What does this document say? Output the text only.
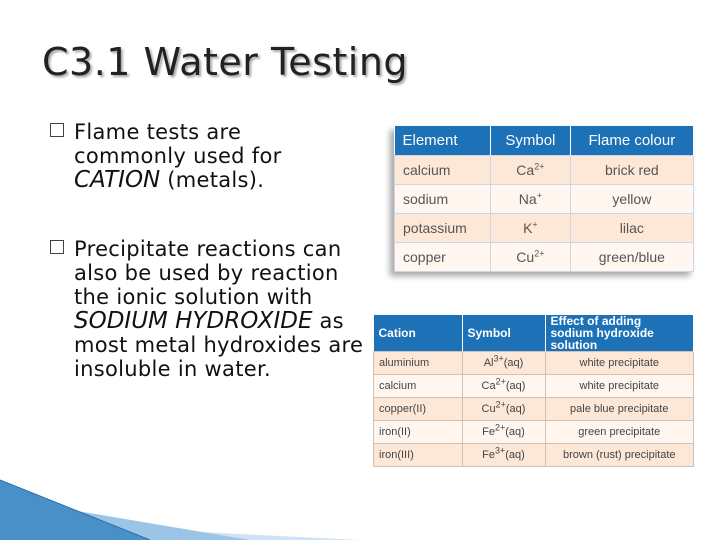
C3.1 Water Testing
Flame tests are commonly used for CATION (metals).
Precipitate reactions can also be used by reaction the ionic solution with SODIUM HYDROXIDE as most metal hydroxides are insoluble in water.
Element	Symbol	Flame colour
calcium	$Ca^{2+}$	brick red
sodium	Na+	yellow
potassium	K+	lilac
copper	$Cu^{2+}$	green/blue
Cation	Symbol	Effect of adding
sodium hydroxide solution
aluminium	$Al^{3+}(aq)$	white precipitate
calcium	$Ca^{2+}(aq)$	white precipitate
copper(II)	$Cu^{2+}(aq)$	pale blue precipitate
iron(II)	$Fe^{2+}(aq)$	green precipitate
iron(III)	$Fe^{3+}(aq)$	brown (rust) precipitate
